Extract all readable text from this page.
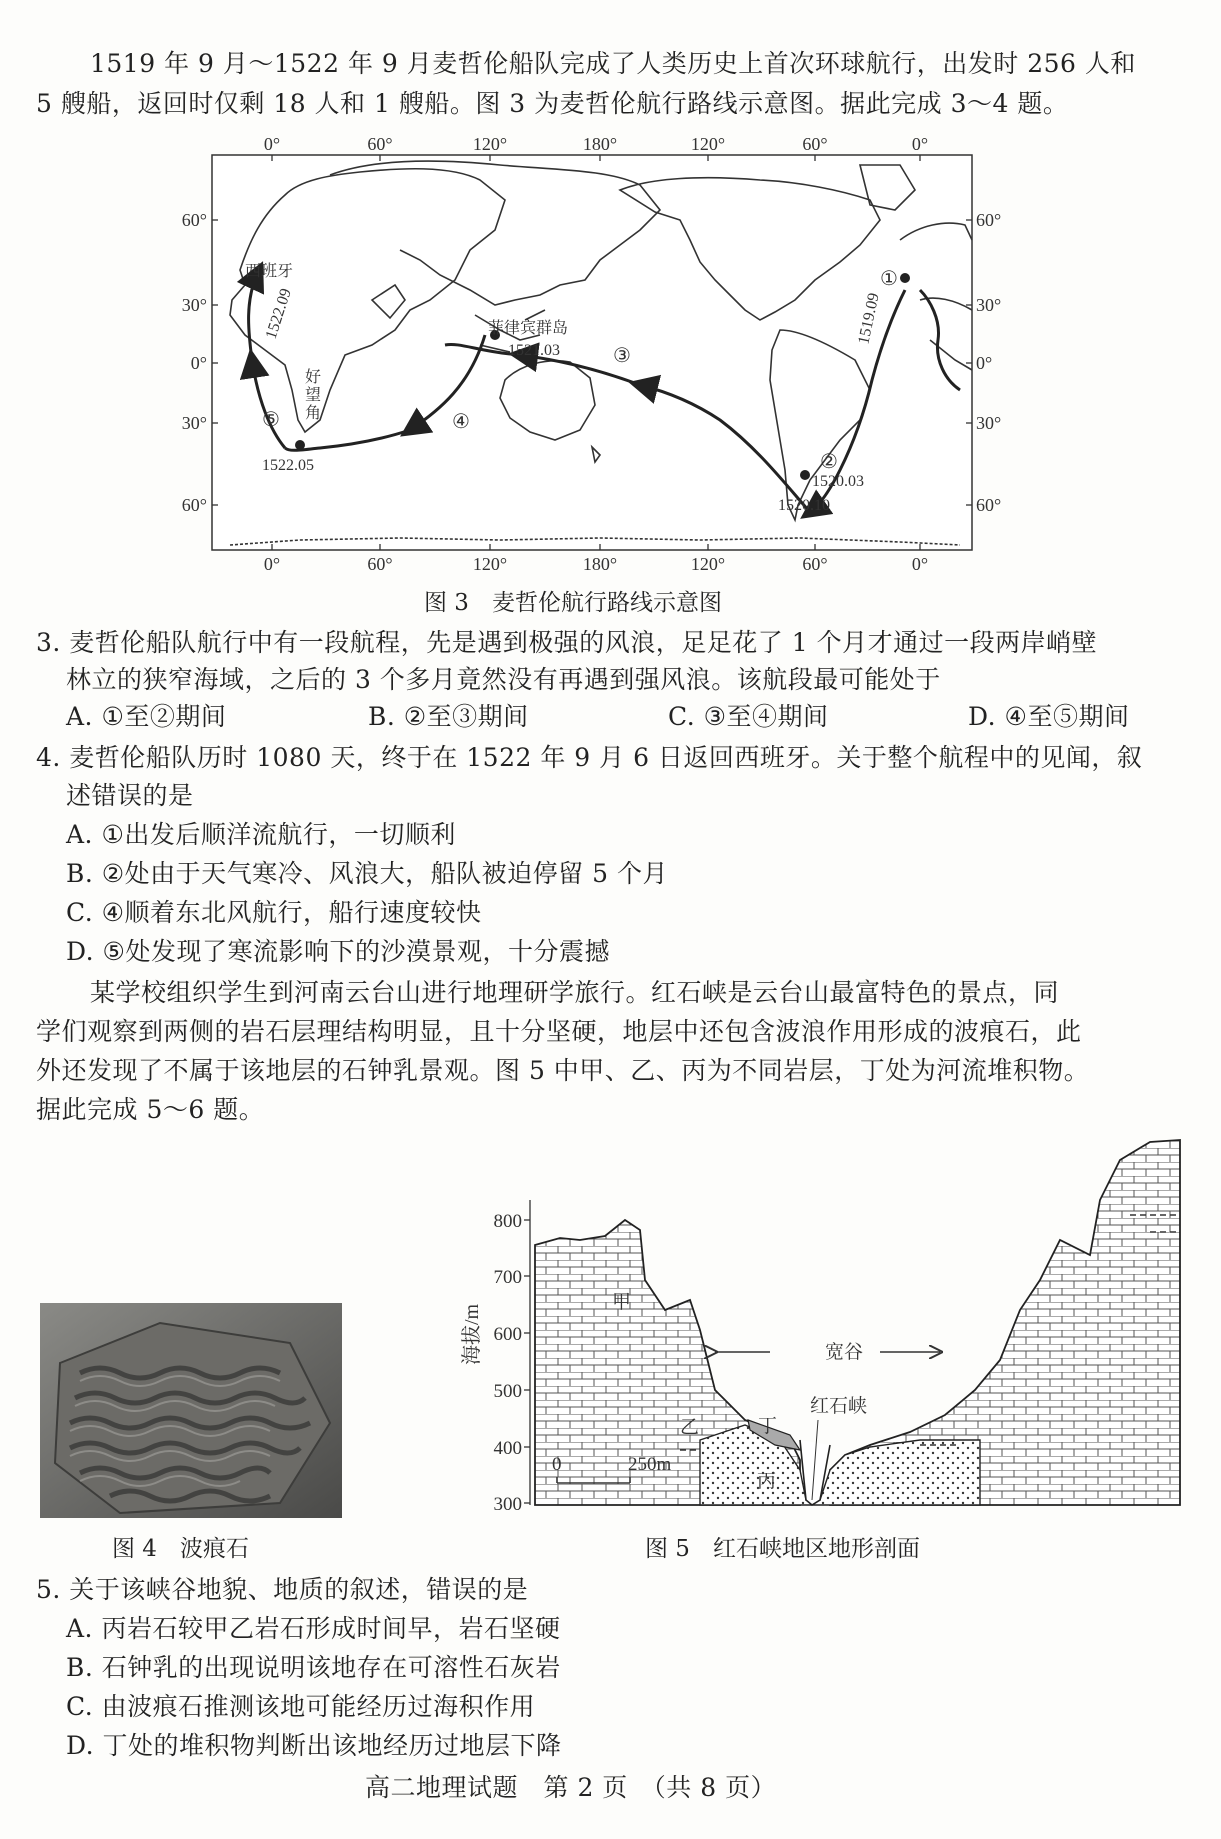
1519 年 9 月～1522 年 9 月麦哲伦船队完成了人类历史上首次环球航行，出发时 256 人和
5 艘船，返回时仅剩 18 人和 1 艘船。图 3 为麦哲伦航行路线示意图。据此完成 3～4 题。
0°	60°	120°	180°	120°	60°	0°
0°	60°	120°	180°	120°	60°	0°
60°
30°
0°
30°
60°
60°
30°
0°
30°
60°
西班牙
菲律宾群岛
好
望
角
1521.03
1520.03
1520.10
1522.05
1522.09	1519.09
①
②
③
④
⑤
图 3　麦哲伦航行路线示意图
3. 麦哲伦船队航行中有一段航程，先是遇到极强的风浪，足足花了 1 个月才通过一段两岸峭壁
林立的狭窄海域，之后的 3 个多月竟然没有再遇到强风浪。该航段最可能处于
A. ①至②期间	B. ②至③期间	C. ③至④期间	D. ④至⑤期间
4. 麦哲伦船队历时 1080 天，终于在 1522 年 9 月 6 日返回西班牙。关于整个航程中的见闻，叙
述错误的是
A. ①出发后顺洋流航行，一切顺利
B. ②处由于天气寒冷、风浪大，船队被迫停留 5 个月
C. ④顺着东北风航行，船行速度较快
D. ⑤处发现了寒流影响下的沙漠景观，十分震撼
某学校组织学生到河南云台山进行地理研学旅行。红石峡是云台山最富特色的景点，同
学们观察到两侧的岩石层理结构明显，且十分坚硬，地层中还包含波浪作用形成的波痕石，此
外还发现了不属于该地层的石钟乳景观。图 5 中甲、乙、丙为不同岩层，丁处为河流堆积物。
据此完成 5～6 题。
图 4　波痕石
800
700
600
500
400
300
海拔/m
甲
乙
丙
丁
宽谷
红石峡
0	250m
图 5　红石峡地区地形剖面
5. 关于该峡谷地貌、地质的叙述，错误的是
A. 丙岩石较甲乙岩石形成时间早，岩石坚硬
B. 石钟乳的出现说明该地存在可溶性石灰岩
C. 由波痕石推测该地可能经历过海积作用
D. 丁处的堆积物判断出该地经历过地层下降
高二地理试题　第 2 页　（共 8 页）
